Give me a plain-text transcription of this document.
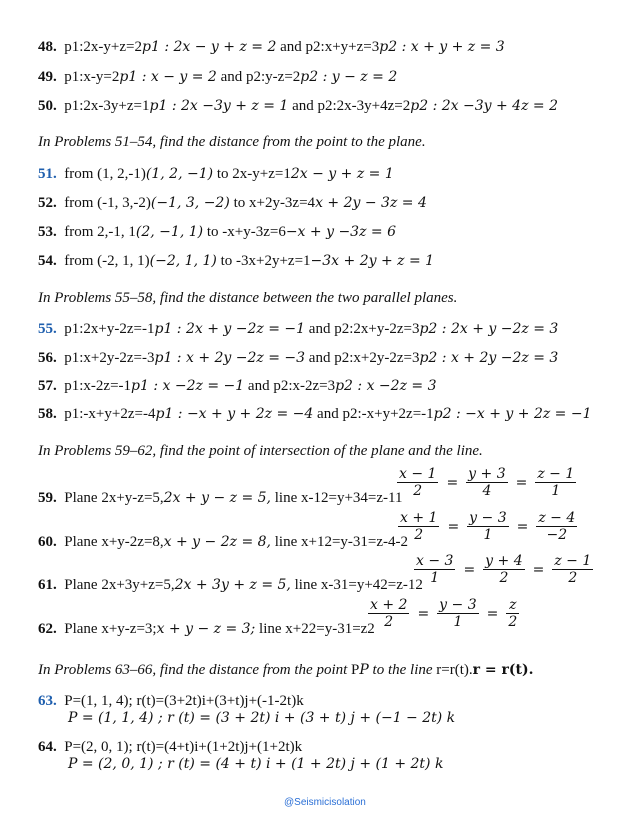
48. p1:2x-y+z=2p1 : 2x − y + z = 2 and p2:x+y+z=3p2 : x + y + z = 3
49. p1:x-y=2p1 : x − y = 2 and p2:y-z=2p2 : y − z = 2
50. p1:2x-3y+z=1p1 : 2x −3y + z = 1 and p2:2x-3y+4z=2p2 : 2x −3y + 4z = 2
In Problems 51–54, find the distance from the point to the plane.
51. from (1, 2,-1)(1, 2, −1) to 2x-y+z=12x − y + z = 1
52. from (-1, 3,-2)(−1, 3, −2) to x+2y-3z=4x + 2y − 3z = 4
53. from 2,-1, 1(2, −1, 1) to -x+y-3z=6−x + y −3z = 6
54. from (-2, 1, 1)(−2, 1, 1) to -3x+2y+z=1−3x + 2y + z = 1
In Problems 55–58, find the distance between the two parallel planes.
55. p1:2x+y-2z=-1p1 : 2x + y −2z = −1 and p2:2x+y-2z=3p2 : 2x + y −2z = 3
56. p1:x+2y-2z=-3p1 : x + 2y −2z = −3 and p2:x+2y-2z=3p2 : x + 2y −2z = 3
57. p1:x-2z=-1p1 : x −2z = −1 and p2:x-2z=3p2 : x −2z = 3
58. p1:-x+y+2z=-4p1 : −x + y + 2z = −4 and p2:-x+y+2z=-1p2 : −x + y + 2z = −1
In Problems 59–62, find the point of intersection of the plane and the line.
59. Plane 2x+y-z=5,2x + y − z = 5, line x-12=y+34=z-11
$\frac{x - 1}{2} = \frac{y + 3}{4} = \frac{z - 1}{1}$
60. Plane x+y-2z=8,x + y − 2z = 8, line x+12=y-31=z-4-2
$\frac{x + 1}{2} = \frac{y - 3}{1} = \frac{z - 4}{-2}$
61. Plane 2x+3y+z=5,2x + 3y + z = 5, line x-31=y+42=z-12
$\frac{x - 3}{1} = \frac{y + 4}{2} = \frac{z - 1}{2}$
62. Plane x+y-z=3;x + y − z = 3; line x+22=y-31=z2
$\frac{x + 2}{2} = \frac{y - 3}{1} = \frac{z}{2}$
In Problems 63–66, find the distance from the point PP to the line r=r(t).r = r(t).
63. P=(1, 1, 4); r(t)=(3+2t)i+(3+t)j+(-1-2t)k
P = (1, 1, 4) ; r (t) = (3 + 2t) i + (3 + t) j + (−1 − 2t) k
64. P=(2, 0, 1); r(t)=(4+t)i+(1+2t)j+(1+2t)k
P = (2, 0, 1) ; r (t) = (4 + t) i + (1 + 2t) j + (1 + 2t) k
@Seismicisolation
